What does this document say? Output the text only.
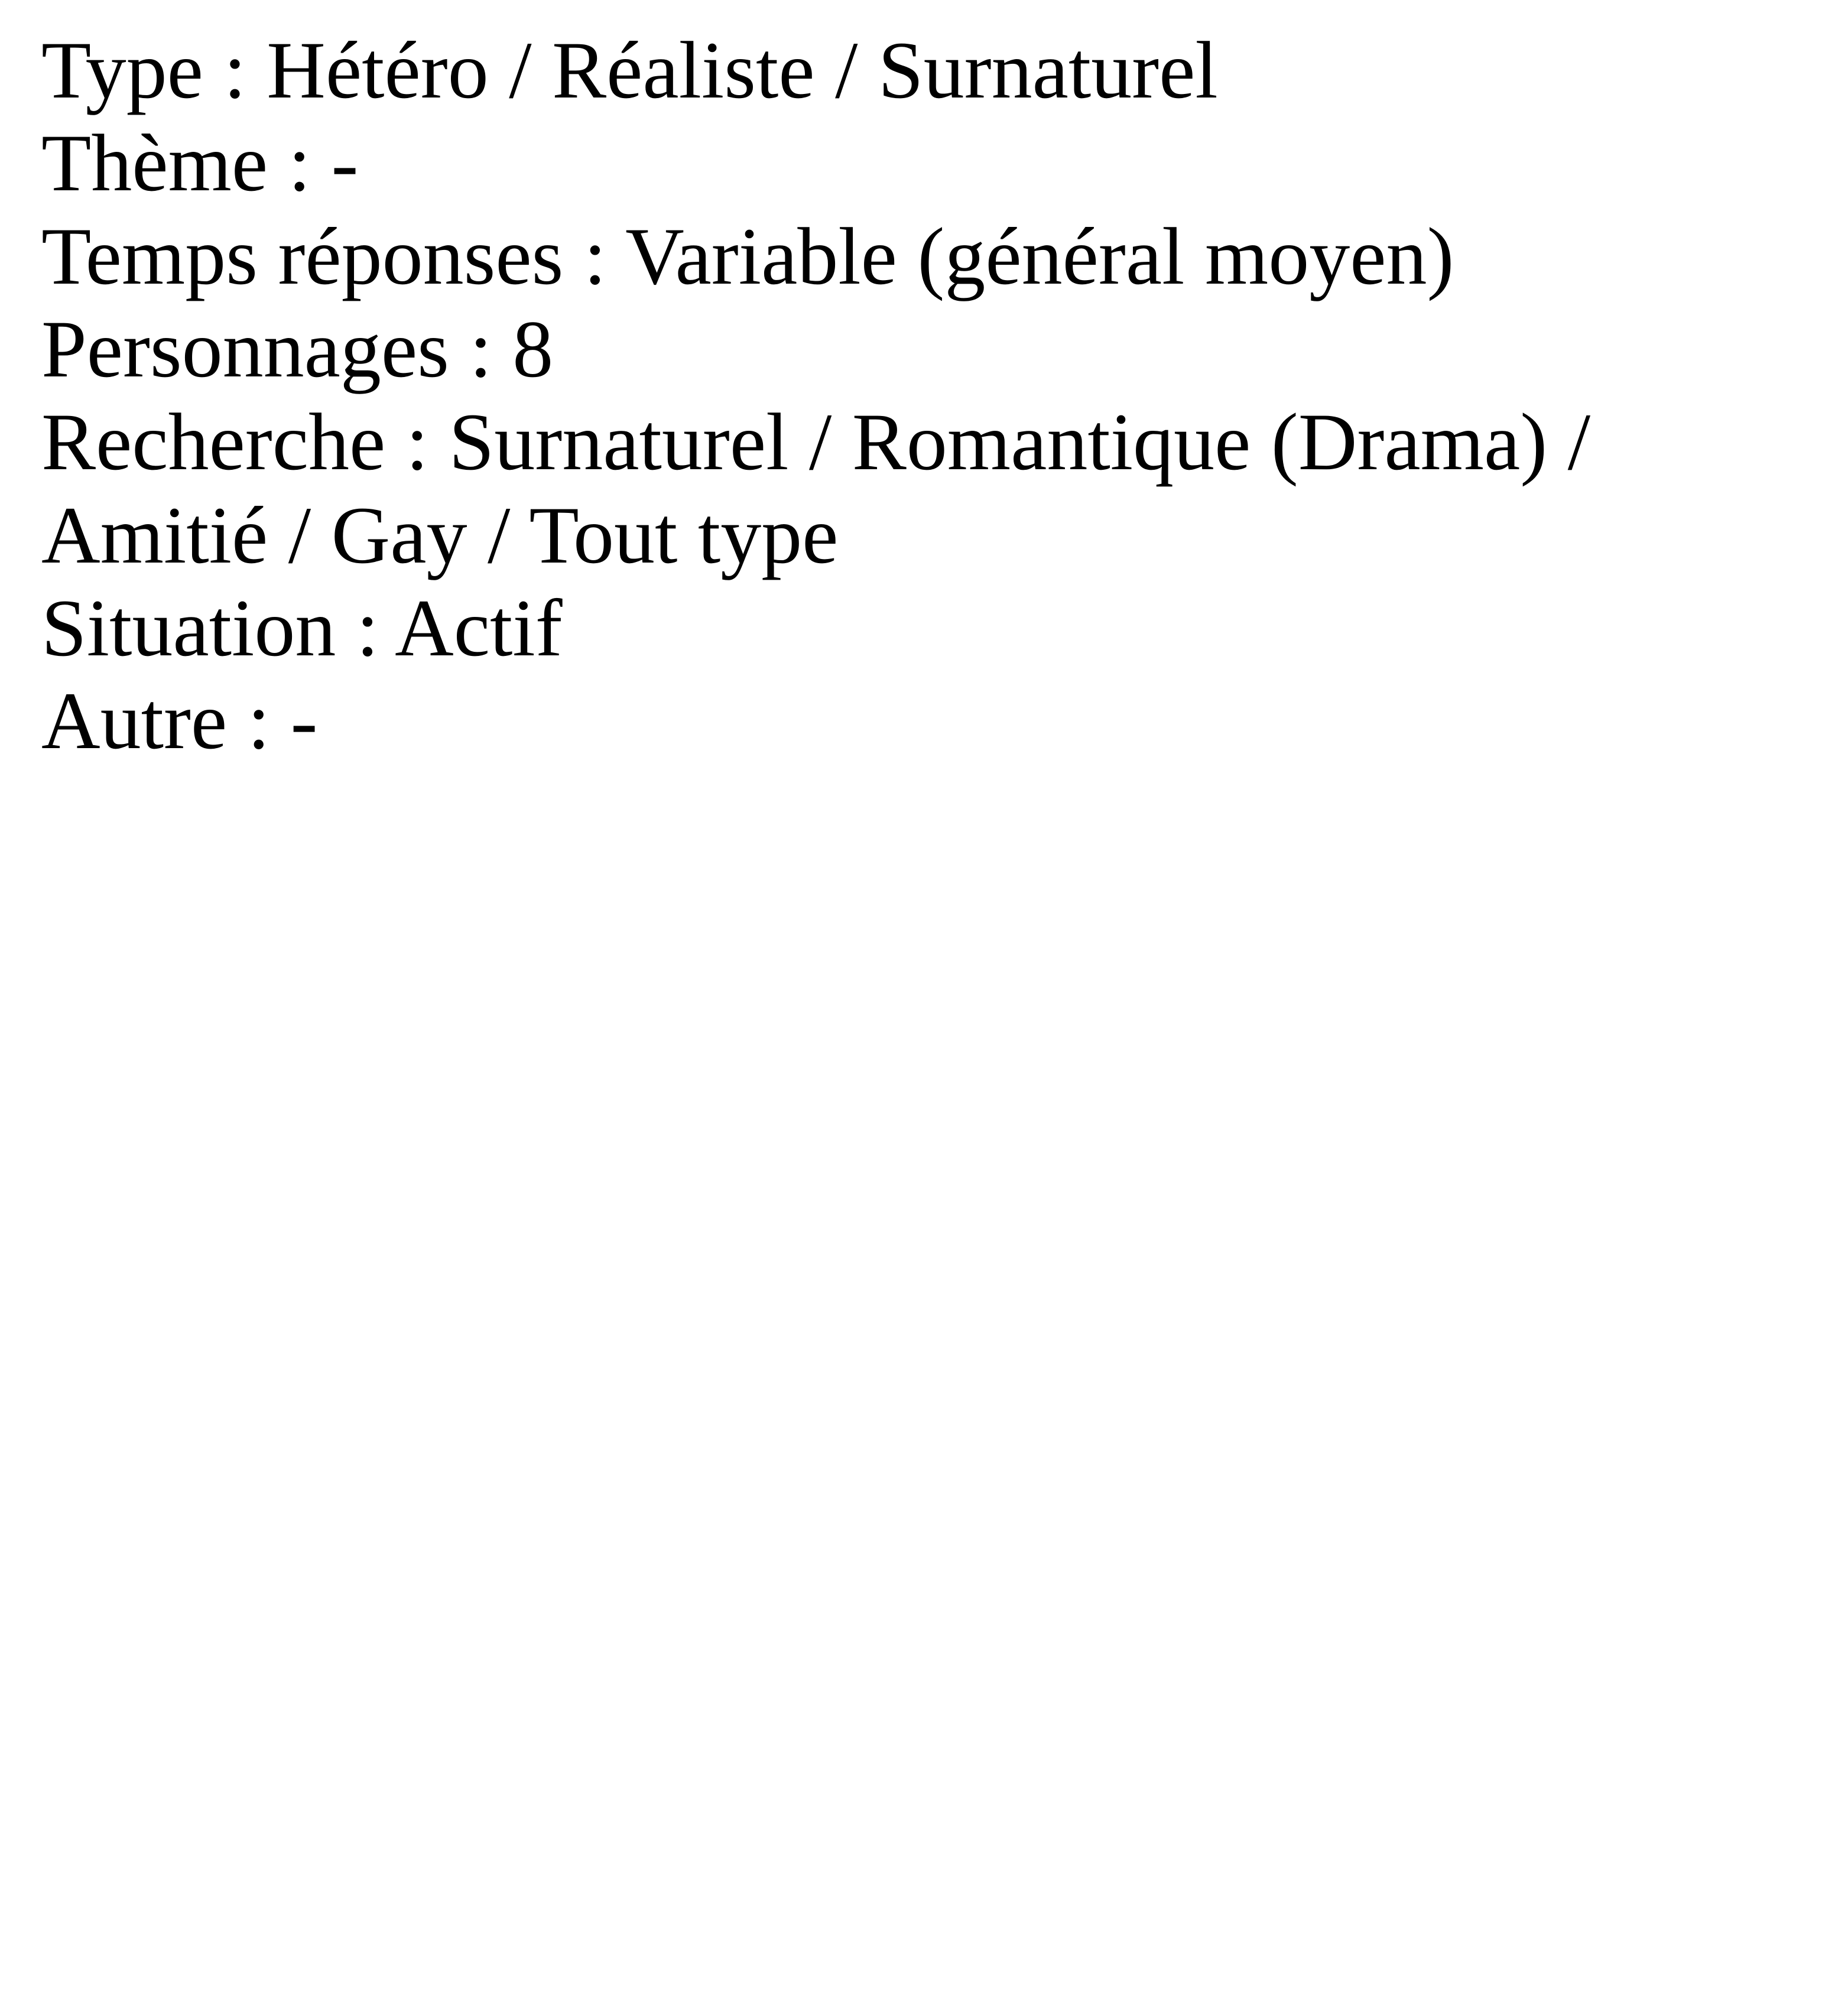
Type : Hétéro / Réaliste / Surnaturel
Thème : -
Temps réponses : Variable (général moyen)
Personnages : 8
Recherche : Surnaturel / Romantique (Drama) / Amitié / Gay / Tout type
Situation : Actif
Autre : -
